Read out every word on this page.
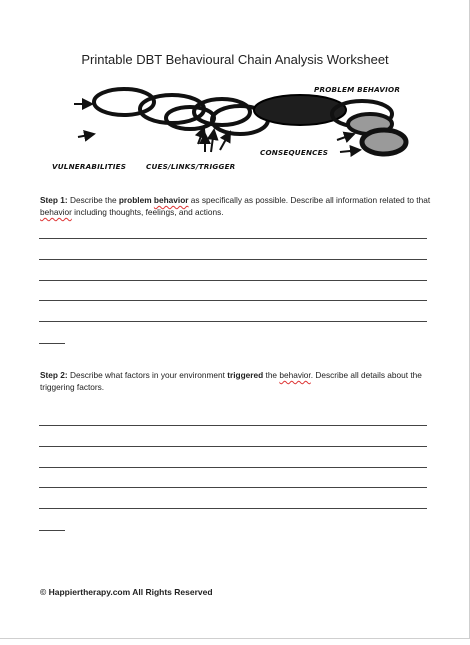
Printable DBT Behavioural Chain Analysis Worksheet
PROBLEM BEHAVIOR
CONSEQUENCES
VULNERABILITIES	CUES/LINKS/TRIGGER
Step 1: Describe the problem behavior as specifically as possible. Describe all information related to that behavior including thoughts, feelings, and actions.
Step 2: Describe what factors in your environment triggered the behavior. Describe all details about the triggering factors.
© Happiertherapy.com All Rights Reserved
